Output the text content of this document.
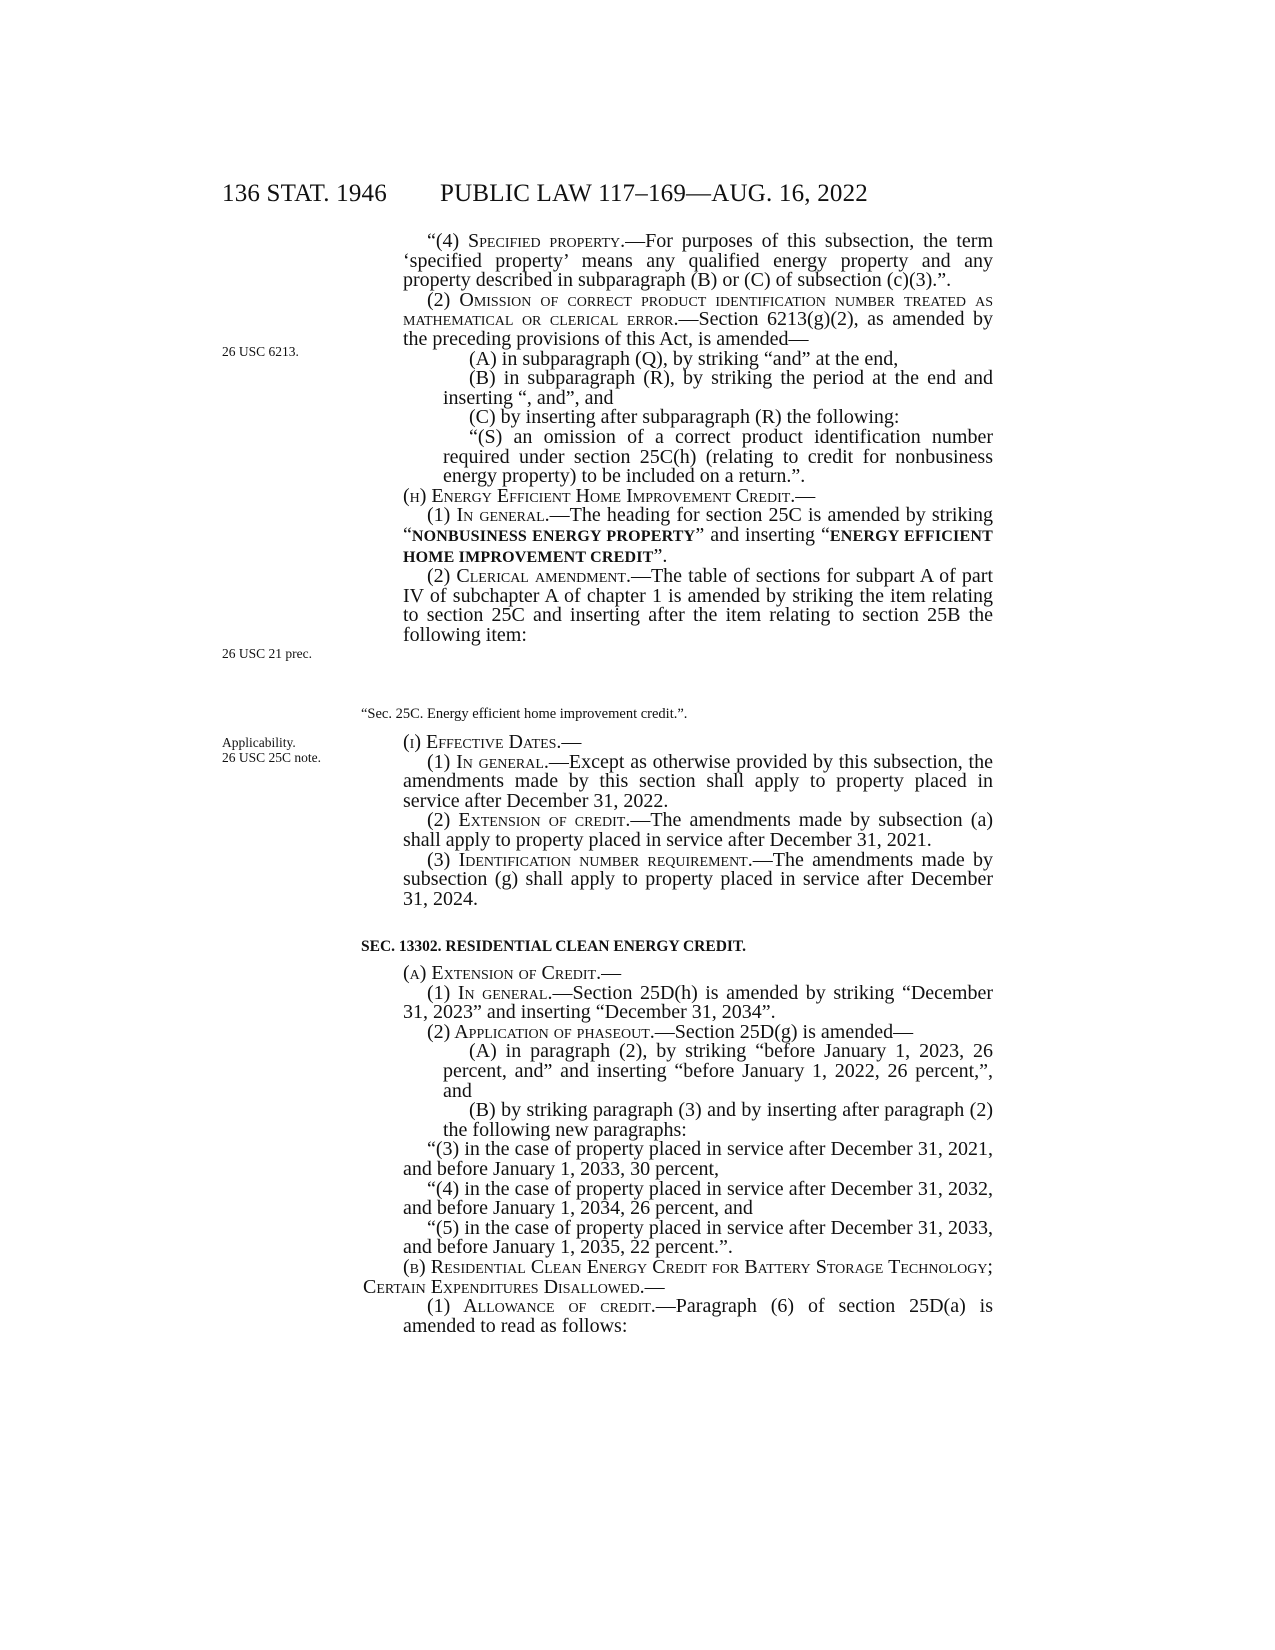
136 STAT. 1946 PUBLIC LAW 117–169—AUG. 16, 2022
26 USC 6213.
26 USC 21 prec.
Applicability.
26 USC 25C note.

“(4) Specified property.—For purposes of this subsection, the term ‘specified property’ means any qualified energy property and any property described in subparagraph (B) or (C) of subsection (c)(3).”.

(2) Omission of correct product identification number treated as mathematical or clerical error.—Section 6213(g)(2), as amended by the preceding provisions of this Act, is amended—

(A) in subparagraph (Q), by striking “and” at the end,

(B) in subparagraph (R), by striking the period at the end and inserting “, and”, and

(C) by inserting after subparagraph (R) the following:

“(S) an omission of a correct product identification number required under section 25C(h) (relating to credit for nonbusiness energy property) to be included on a return.”.

(h) Energy Efficient Home Improvement Credit.—

(1) In general.—The heading for section 25C is amended by striking “NONBUSINESS ENERGY PROPERTY” and inserting “ENERGY EFFICIENT HOME IMPROVEMENT CREDIT”.

(2) Clerical amendment.—The table of sections for subpart A of part IV of subchapter A of chapter 1 is amended by striking the item relating to section 25C and inserting after the item relating to section 25B the following item:

“Sec. 25C. Energy efficient home improvement credit.”.

(i) Effective Dates.—

(1) In general.—Except as otherwise provided by this subsection, the amendments made by this section shall apply to property placed in service after December 31, 2022.

(2) Extension of credit.—The amendments made by subsection (a) shall apply to property placed in service after December 31, 2021.

(3) Identification number requirement.—The amendments made by subsection (g) shall apply to property placed in service after December 31, 2024.

SEC. 13302. RESIDENTIAL CLEAN ENERGY CREDIT.

(a) Extension of Credit.—

(1) In general.—Section 25D(h) is amended by striking “December 31, 2023” and inserting “December 31, 2034”.

(2) Application of phaseout.—Section 25D(g) is amended—

(A) in paragraph (2), by striking “before January 1, 2023, 26 percent, and” and inserting “before January 1, 2022, 26 percent,”, and

(B) by striking paragraph (3) and by inserting after paragraph (2) the following new paragraphs:

“(3) in the case of property placed in service after December 31, 2021, and before January 1, 2033, 30 percent,

“(4) in the case of property placed in service after December 31, 2032, and before January 1, 2034, 26 percent, and

“(5) in the case of property placed in service after December 31, 2033, and before January 1, 2035, 22 percent.”.

(b) Residential Clean Energy Credit for Battery Storage Technology; Certain Expenditures Disallowed.—

(1) Allowance of credit.—Paragraph (6) of section 25D(a) is amended to read as follows:
